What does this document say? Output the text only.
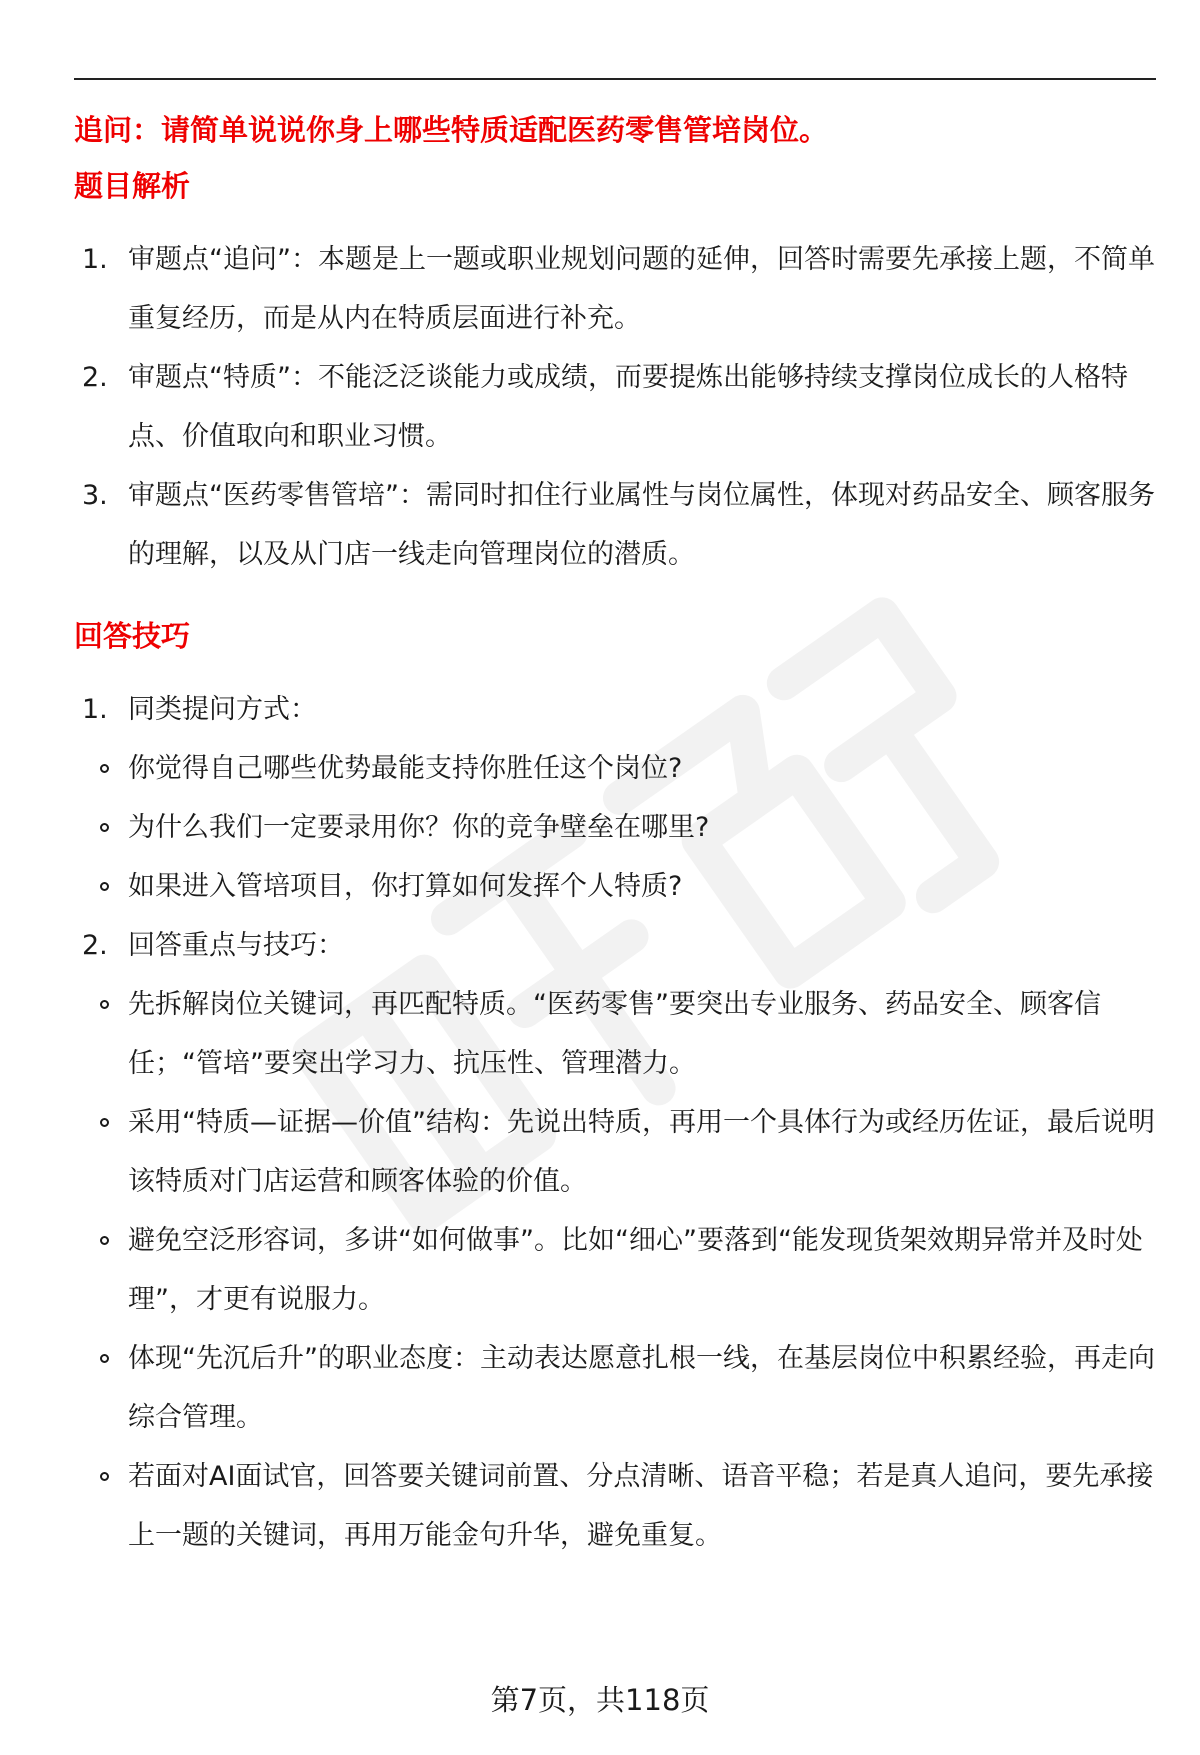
追问：请简单说说你身上哪些特质适配医药零售管培岗位。

题目解析
1. 审题点“追问”：本题是上一题或职业规划问题的延伸，回答时需要先承接上题，不简单重复经历，而是从内在特质层面进行补充。
2. 审题点“特质”：不能泛泛谈能力或成绩，而要提炼出能够持续支撑岗位成长的人格特点、价值取向和职业习惯。
3. 审题点“医药零售管培”：需同时扣住行业属性与岗位属性，体现对药品安全、顾客服务的理解，以及从门店一线走向管理岗位的潜质。
回答技巧
1. 同类提问方式：
你觉得自己哪些优势最能支持你胜任这个岗位?
为什么我们一定要录用你？你的竞争壁垒在哪里?
如果进入管培项目，你打算如何发挥个人特质?
2. 回答重点与技巧：
先拆解岗位关键词，再匹配特质。“医药零售”要突出专业服务、药品安全、顾客信任；“管培”要突出学习力、抗压性、管理潜力。
采用“特质—证据—价值”结构：先说出特质，再用一个具体行为或经历佐证，最后说明该特质对门店运营和顾客体验的价值。
避免空泛形容词，多讲“如何做事”。比如“细心”要落到“能发现货架效期异常并及时处理”，才更有说服力。
体现“先沉后升”的职业态度：主动表达愿意扎根一线，在基层岗位中积累经验，再走向综合管理。
若面对AI面试官，回答要关键词前置、分点清晰、语音平稳；若是真人追问，要先承接上一题的关键词，再用万能金句升华，避免重复。
第7页，共118页
